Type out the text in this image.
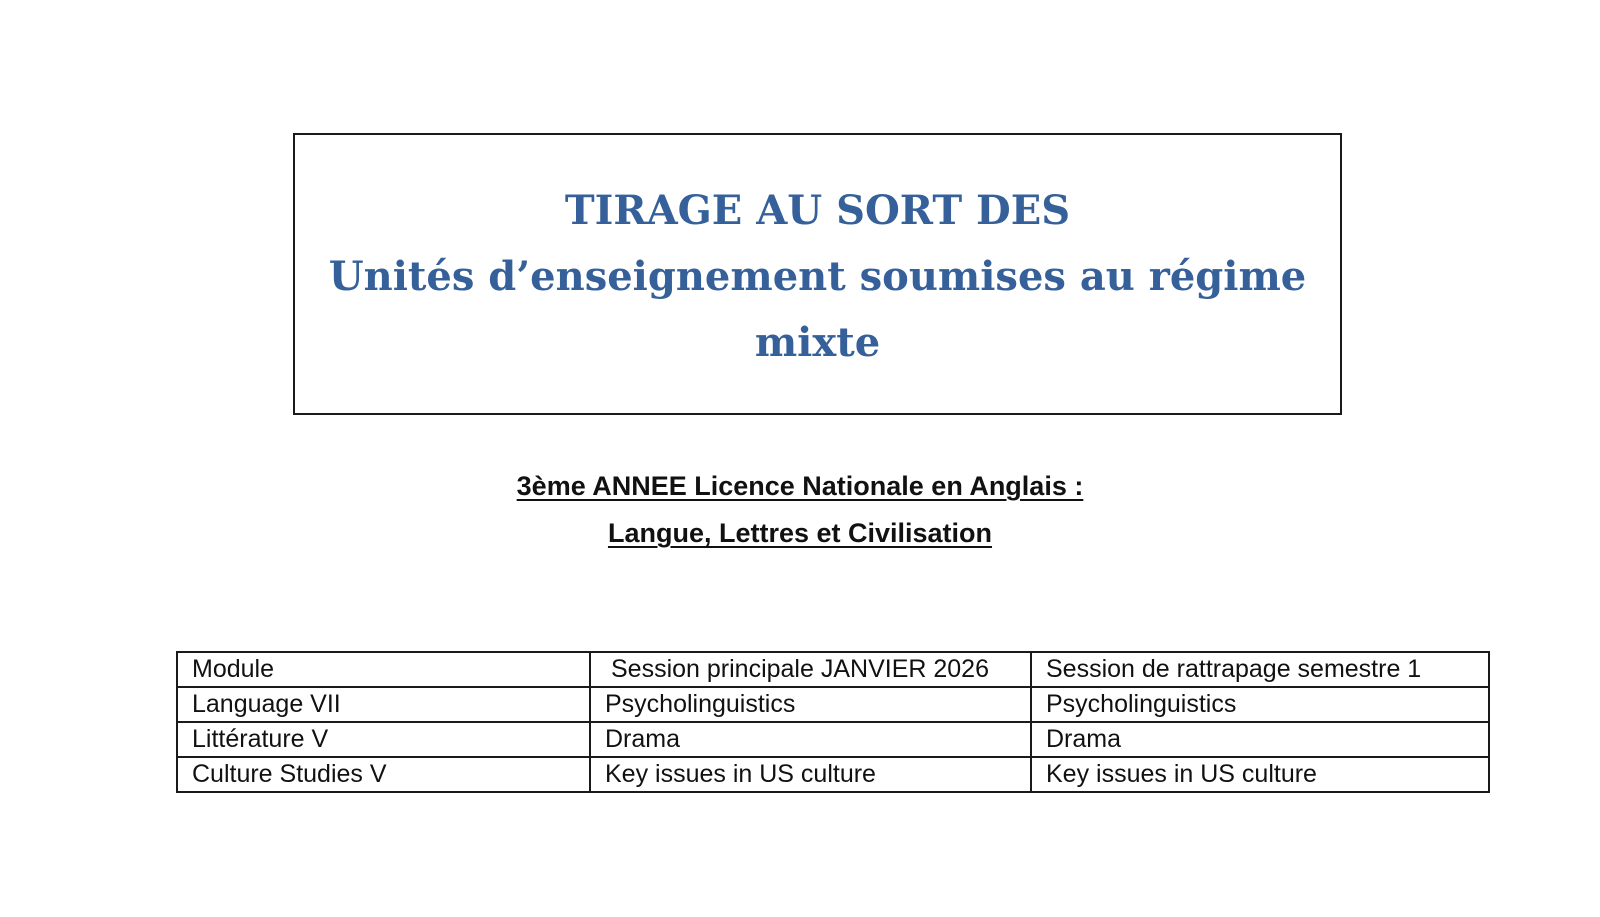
TIRAGE AU SORT DES
Unités d’enseignement soumises au régime
mixte
3ème ANNEE Licence Nationale en Anglais :
Langue, Lettres et Civilisation
Module	Session principale JANVIER 2026	Session de rattrapage semestre 1
Language VII	Psycholinguistics	Psycholinguistics
Littérature V	Drama	Drama
Culture Studies V	Key issues in US culture	Key issues in US culture
